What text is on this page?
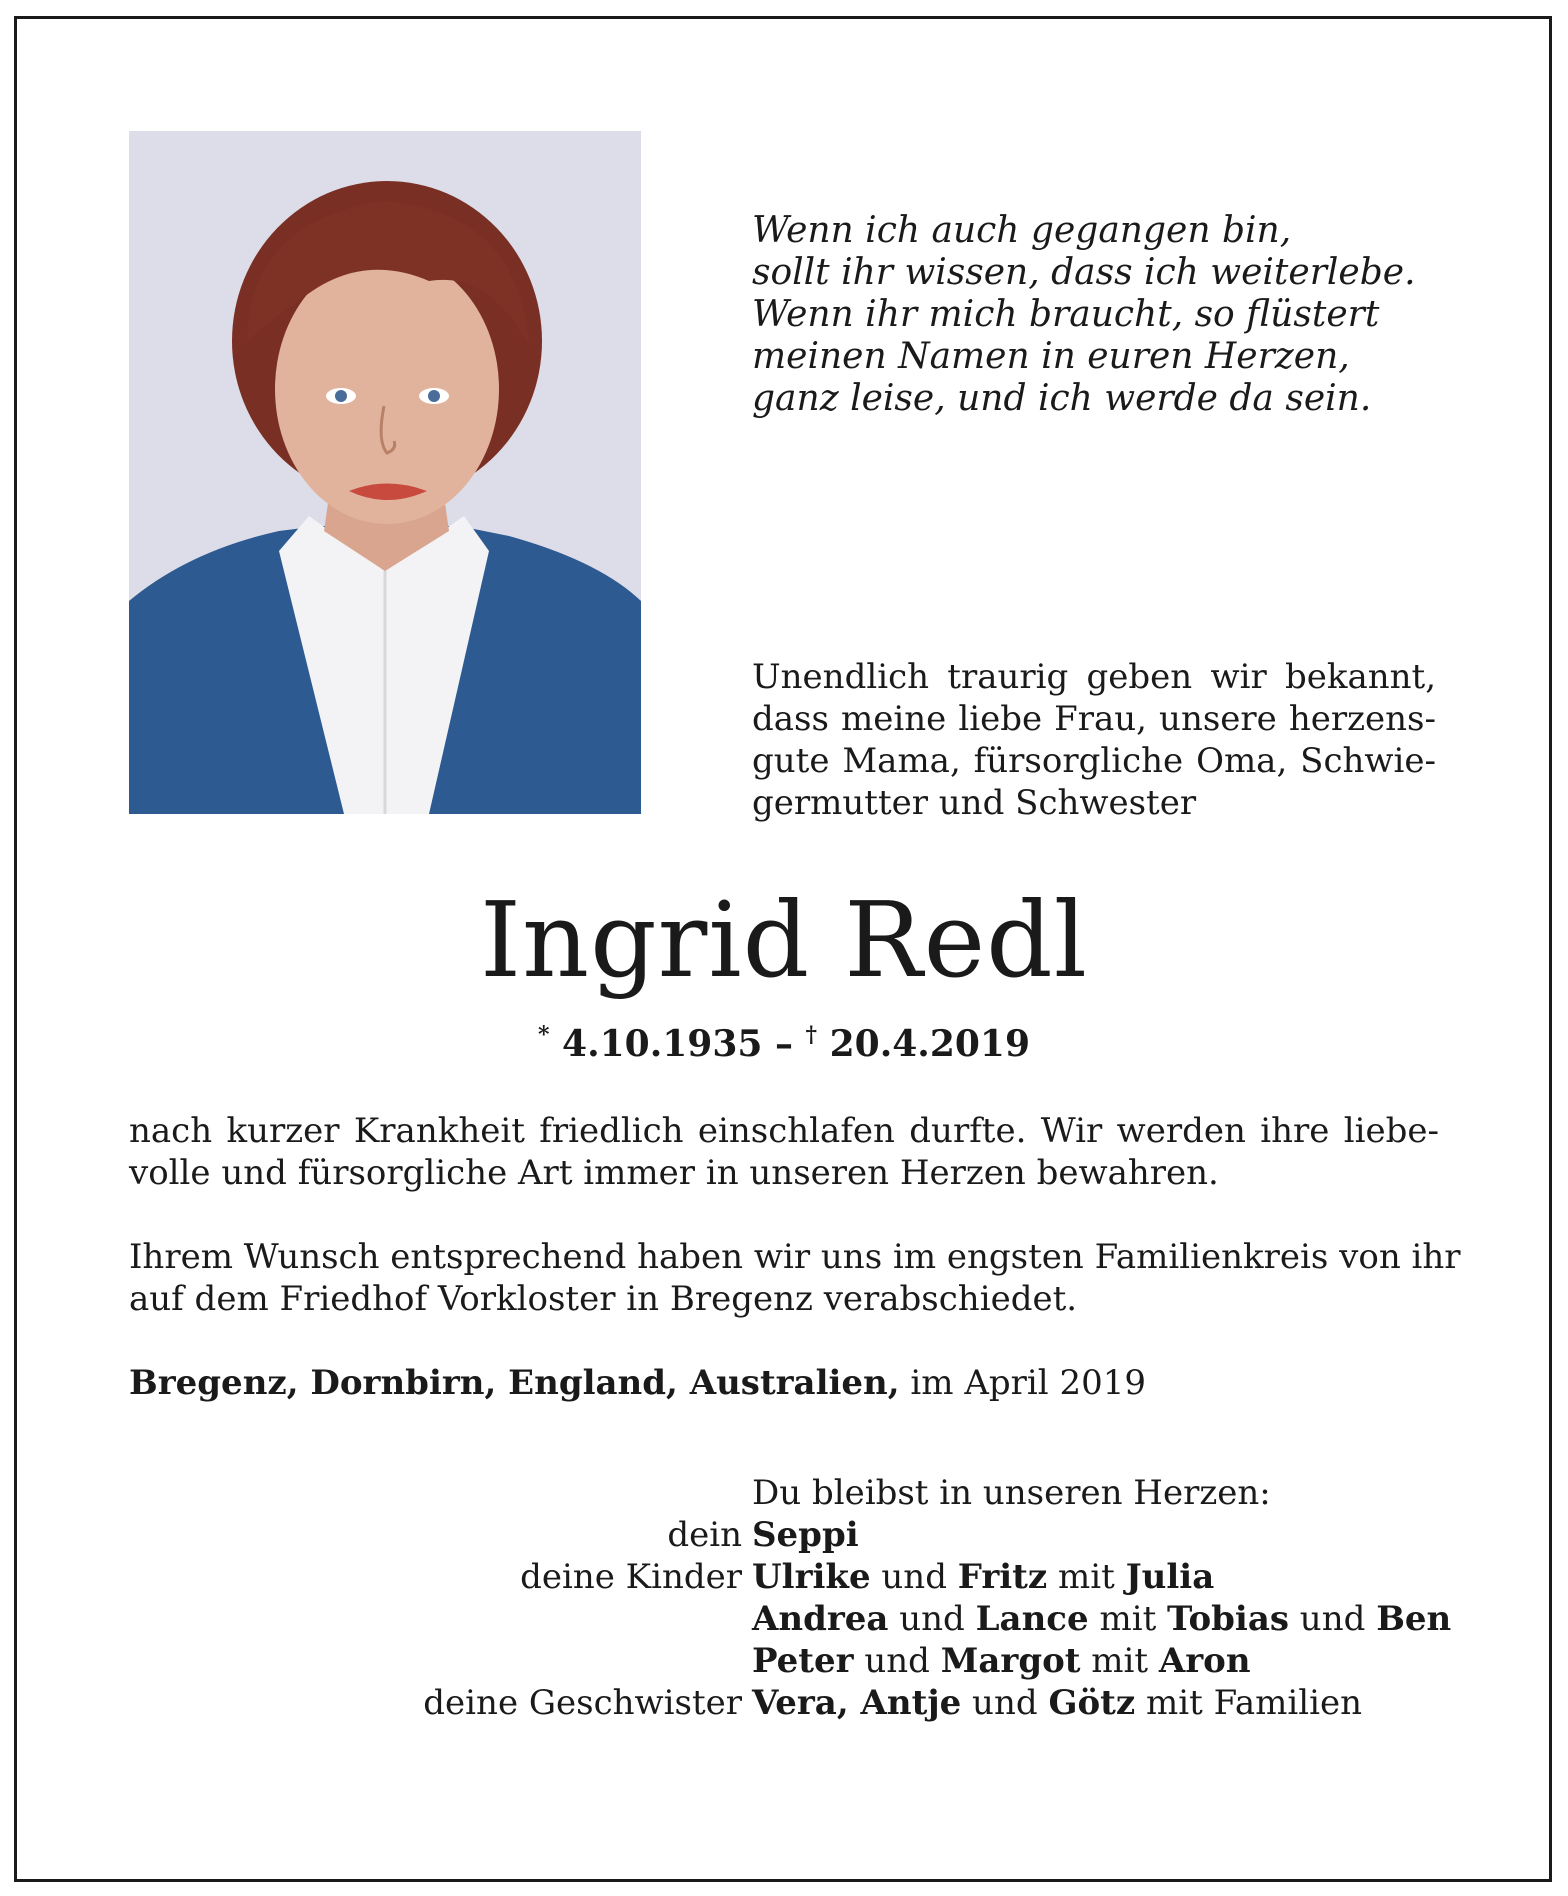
Wenn ich auch gegangen bin,
sollt ihr wissen, dass ich weiterlebe.
Wenn ihr mich braucht, so flüstert
meinen Namen in euren Herzen,
ganz leise, und ich werde da sein.
Unendlich traurig geben wir bekannt,
dass meine liebe Frau, unsere herzens-
gute Mama, fürsorgliche Oma, Schwie-
germutter und Schwester
Ingrid Redl
* 4.10.1935 – † 20.4.2019
nach kurzer Krankheit friedlich einschlafen durfte. Wir werden ihre liebe-
volle und fürsorgliche Art immer in unseren Herzen bewahren.
Ihrem Wunsch entsprechend haben wir uns im engsten Familienkreis von ihr
auf dem Friedhof Vorkloster in Bregenz verabschiedet.
Bregenz, Dornbirn, England, Australien, im April 2019
Du bleibst in unseren Herzen:
dein Seppi
deine Kinder Ulrike und Fritz mit Julia
Andrea und Lance mit Tobias und Ben
Peter und Margot mit Aron
deine Geschwister Vera, Antje und Götz mit Familien
